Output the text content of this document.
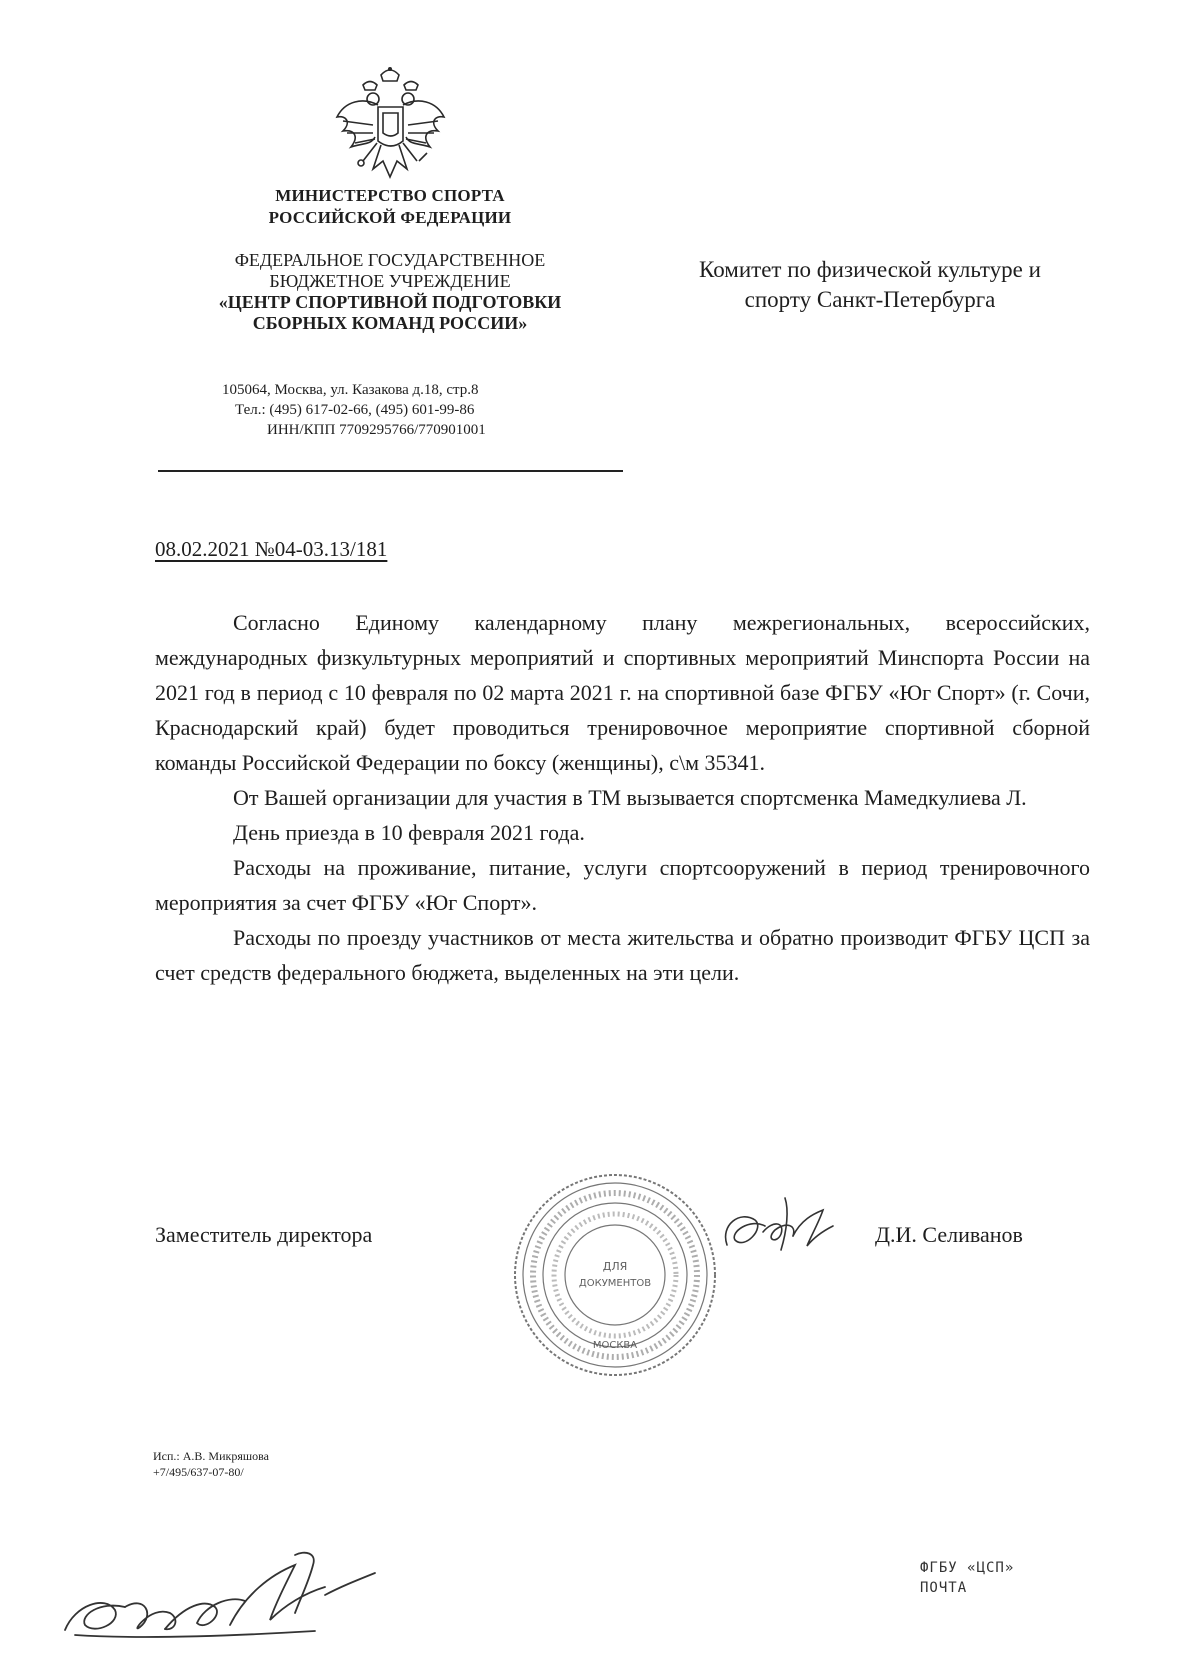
МИНИСТЕРСТВО СПОРТА
РОССИЙСКОЙ ФЕДЕРАЦИИ
ФЕДЕРАЛЬНОЕ ГОСУДАРСТВЕННОЕ
БЮДЖЕТНОЕ УЧРЕЖДЕНИЕ
«ЦЕНТР СПОРТИВНОЙ ПОДГОТОВКИ
СБОРНЫХ КОМАНД РОССИИ»
105064, Москва, ул. Казакова д.18, стр.8
Тел.: (495) 617-02-66, (495) 601-99-86
ИНН/КПП 7709295766/770901001
Комитет по физической культуре и
спорту Санкт-Петербурга
08.02.2021 №04-03.13/181

Согласно Единому календарному плану межрегиональных, всероссийских, международных физкультурных мероприятий и спортивных мероприятий Минспорта России на 2021 год в период с 10 февраля по 02 марта 2021 г. на спортивной базе ФГБУ «Юг Спорт» (г. Сочи, Краснодарский край) будет проводиться тренировочное мероприятие спортивной сборной команды Российской Федерации по боксу (женщины), с\м 35341.

От Вашей организации для участия в ТМ вызывается спортсменка Мамедкулиева Л.

День приезда в 10 февраля 2021 года.

Расходы на проживание, питание, услуги спортсооружений в период тренировочного мероприятия за счет ФГБУ «Юг Спорт».

Расходы по проезду участников от места жительства и обратно производит ФГБУ ЦСП за счет средств федерального бюджета, выделенных на эти цели.

Заместитель директора
ДЛЯ
ДОКУМЕНТОВ
МОСКВА
Д.И. Селиванов
Исп.: А.В. Микряшова
+7/495/637-07-80/
ФГБУ «ЦСП»
ПОЧТА
